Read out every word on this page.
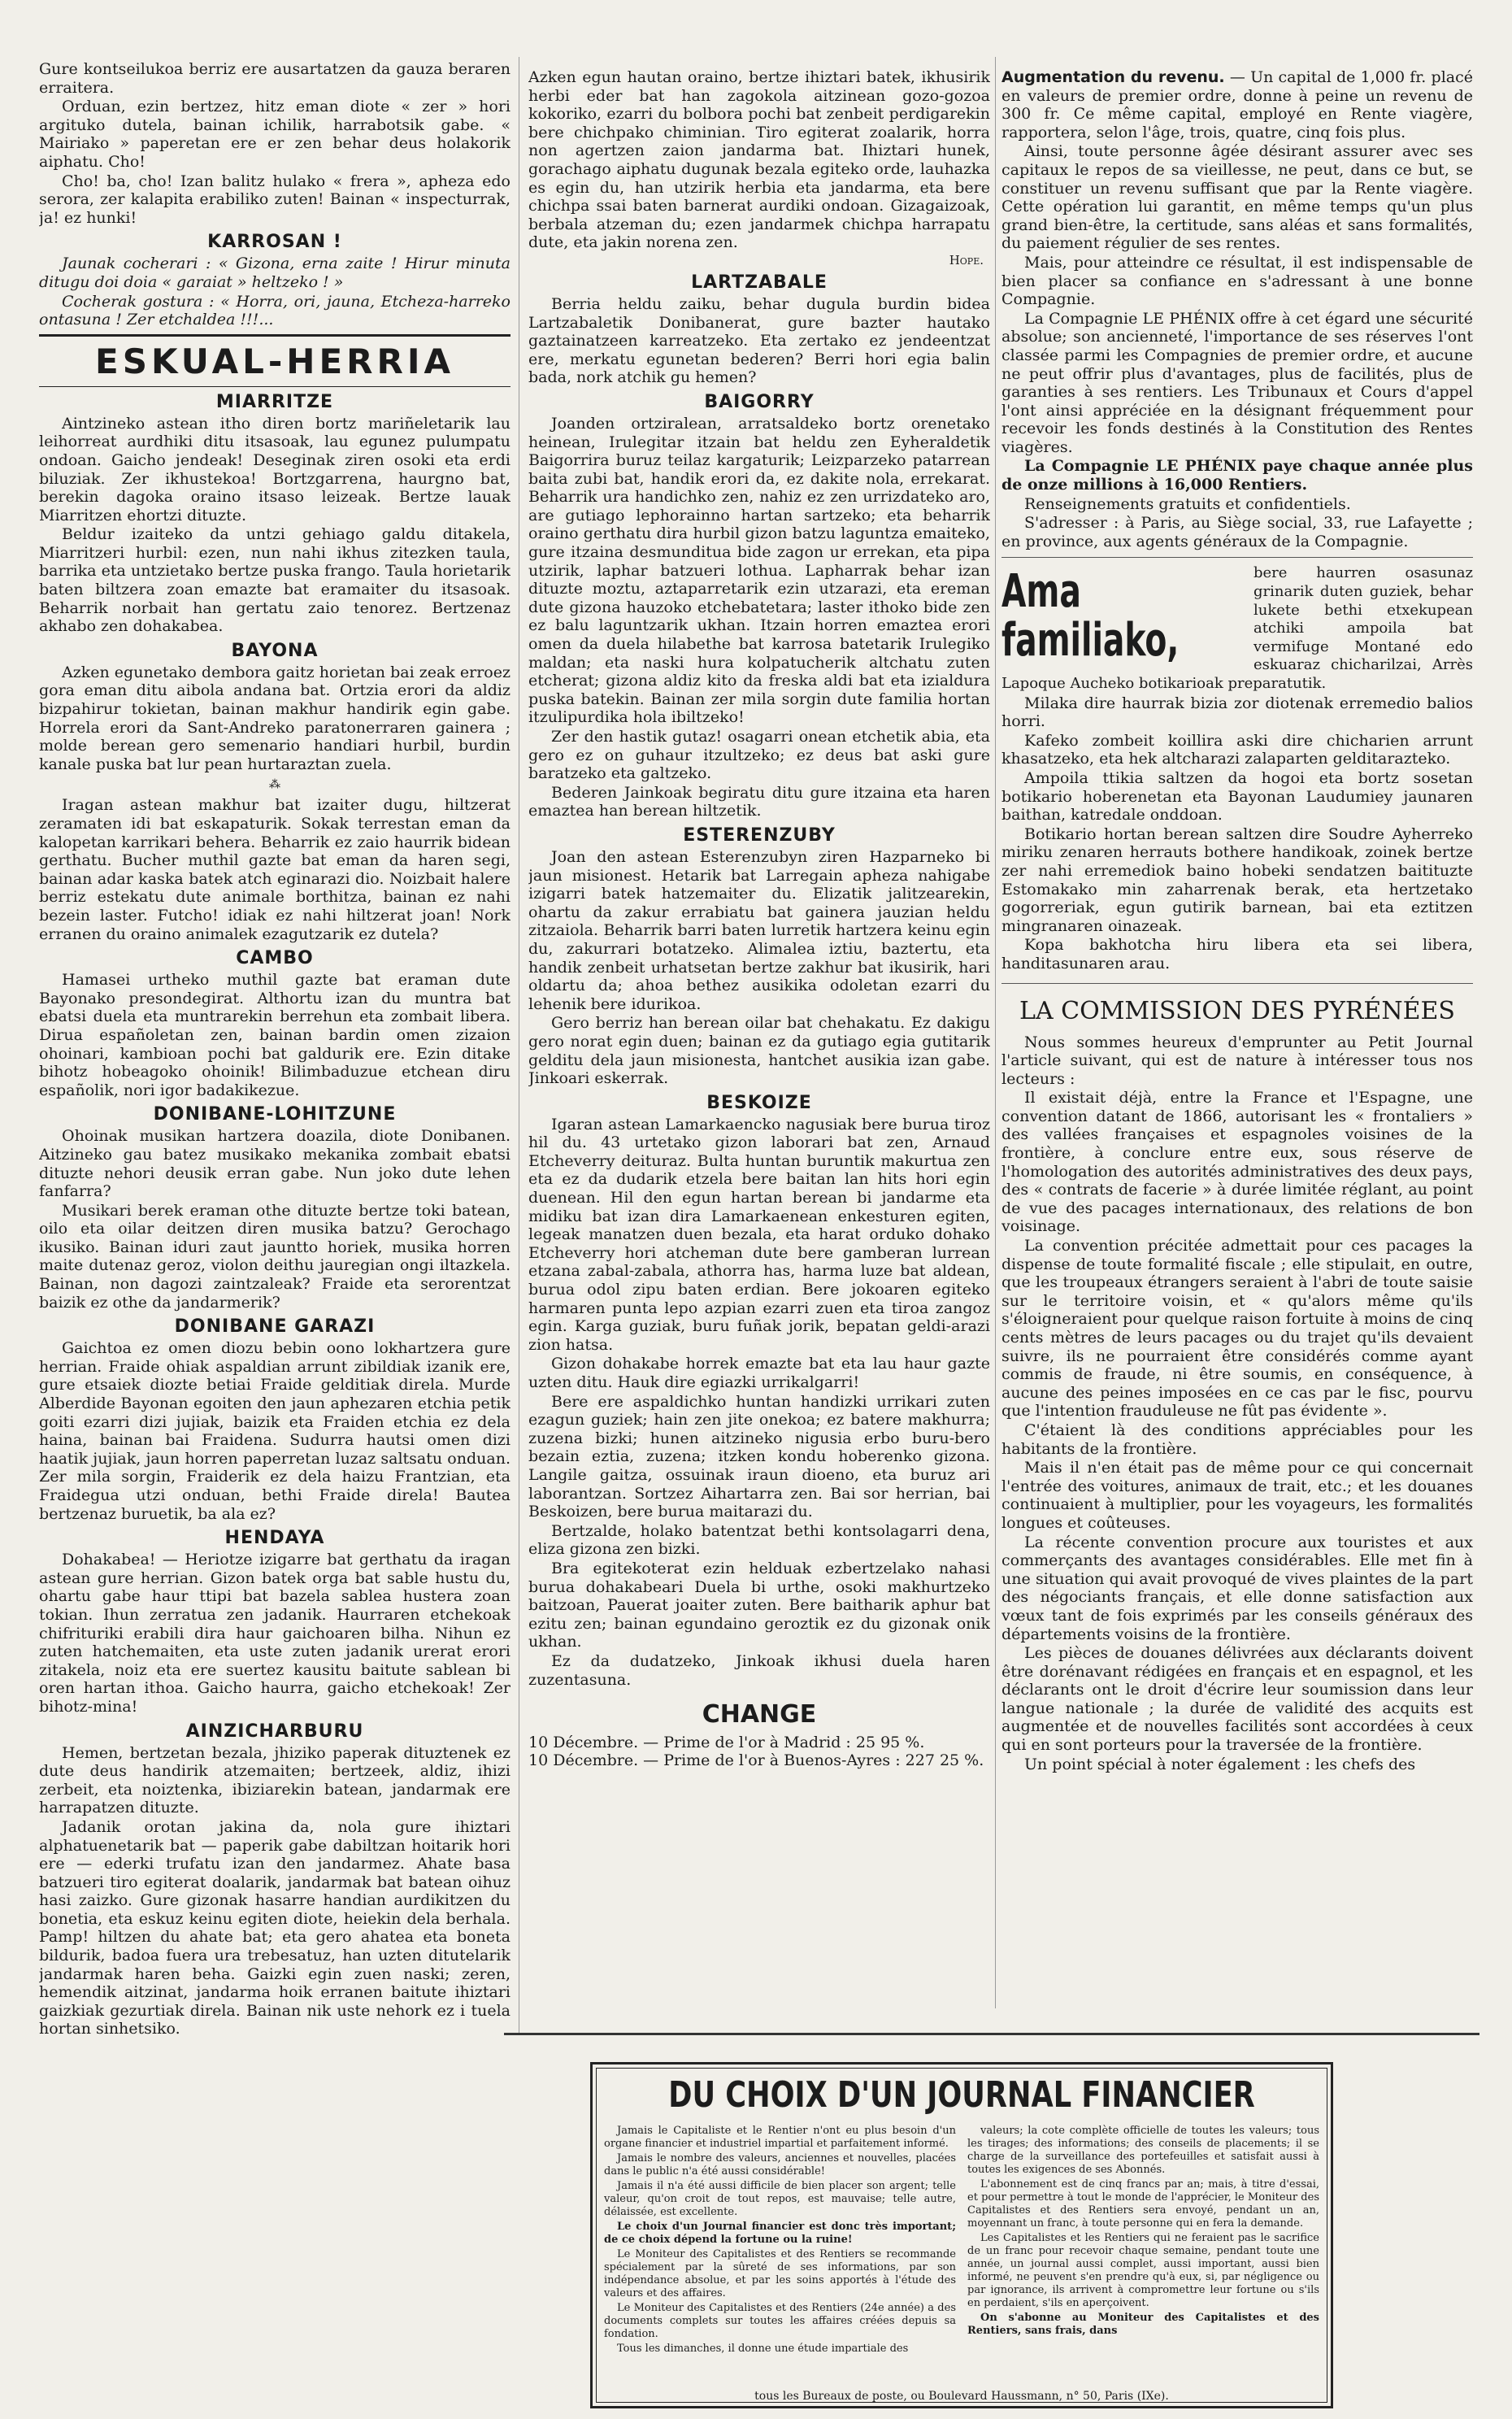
Gure kontseilukoa berriz ere ausartatzen da gauza beraren erraitera.

Orduan, ezin bertzez, hitz eman diote « zer » hori argituko dutela, bainan ichilik, harrabotsik gabe. « Mairiako » paperetan ere er zen behar deus holakorik aiphatu. Cho!

Cho! ba, cho! Izan balitz hulako « frera », apheza edo serora, zer kalapita erabiliko zuten! Bainan « inspecturrak, ja! ez hunki!

KARROSAN !

Jaunak cocherari : « Gizona, erna zaite ! Hirur minuta ditugu doi doia « garaiat » heltzeko ! »

Cocherak gostura : « Horra, ori, jauna, Etcheza-harreko ontasuna ! Zer etchaldea !!!...

ESKUAL-HERRIA
MIARRITZE

Aintzineko astean itho diren bortz mariñeletarik lau leihorreat aurdhiki ditu itsasoak, lau egunez pulumpatu ondoan. Gaicho jendeak! Deseginak ziren osoki eta erdi biluziak. Zer ikhustekoa! Bortzgarrena, haurgno bat, berekin dagoka oraino itsaso leizeak. Bertze lauak Miarritzen ehortzi dituzte.

Beldur izaiteko da untzi gehiago galdu ditakela, Miarritzeri hurbil: ezen, nun nahi ikhus zitezken taula, barrika eta untzietako bertze puska frango. Taula horietarik baten biltzera zoan emazte bat eramaiter du itsasoak. Beharrik norbait han gertatu zaio tenorez. Bertzenaz akhabo zen dohakabea.

BAYONA

Azken egunetako dembora gaitz horietan bai zeak erroez gora eman ditu aibola andana bat. Ortzia erori da aldiz bizpahirur tokietan, bainan makhur handirik egin gabe. Horrela erori da Sant-Andreko paratonerraren gainera ; molde berean gero semenario handiari hurbil, burdin kanale puska bat lur pean hurtaraztan zuela.

⁂

Iragan astean makhur bat izaiter dugu, hiltzerat zeramaten idi bat eskapaturik. Sokak terrestan eman da kalopetan karrikari behera. Beharrik ez zaio haurrik bidean gerthatu. Bucher muthil gazte bat eman da haren segi, bainan adar kaska batek atch eginarazi dio. Noizbait halere berriz estekatu dute animale borthitza, bainan ez nahi bezein laster. Futcho! idiak ez nahi hiltzerat joan! Nork erranen du oraino animalek ezagutzarik ez dutela?

CAMBO

Hamasei urtheko muthil gazte bat eraman dute Bayonako presondegirat. Althortu izan du muntra bat ebatsi duela eta muntrarekin berrehun eta zombait libera. Dirua españoletan zen, bainan bardin omen zizaion ohoinari, kambioan pochi bat galdurik ere. Ezin ditake bihotz hobeagoko ohoinik! Bilimbaduzue etchean diru españolik, nori igor badakikezue.

DONIBANE-LOHITZUNE

Ohoinak musikan hartzera doazila, diote Donibanen. Aitzineko gau batez musikako mekanika zombait ebatsi dituzte nehori deusik erran gabe. Nun joko dute lehen fanfarra?

Musikari berek eraman othe dituzte bertze toki batean, oilo eta oilar deitzen diren musika batzu? Gerochago ikusiko. Bainan iduri zaut jauntto horiek, musika horren maite dutenaz geroz, violon deithu jauregian ongi iltazkela. Bainan, non dagozi zaintzaleak? Fraide eta serorentzat baizik ez othe da jandarmerik?

DONIBANE GARAZI

Gaichtoa ez omen diozu bebin oono lokhartzera gure herrian. Fraide ohiak aspaldian arrunt zibildiak izanik ere, gure etsaiek diozte betiai Fraide gelditiak direla. Murde Alberdide Bayonan egoiten den jaun aphezaren etchia petik goiti ezarri dizi jujiak, baizik eta Fraiden etchia ez dela haina, bainan bai Fraidena. Sudurra hautsi omen dizi haatik jujiak, jaun horren paperretan luzaz saltsatu onduan. Zer mila sorgin, Fraiderik ez dela haizu Frantzian, eta Fraidegua utzi onduan, bethi Fraide direla! Bautea bertzenaz buruetik, ba ala ez?

HENDAYA

Dohakabea! — Heriotze izigarre bat gerthatu da iragan astean gure herrian. Gizon batek orga bat sable hustu du, ohartu gabe haur ttipi bat bazela sablea hustera zoan tokian. Ihun zerratua zen jadanik. Haurraren etchekoak chifrituriki erabili dira haur gaichoaren bilha. Nihun ez zuten hatchemaiten, eta uste zuten jadanik urerat erori zitakela, noiz eta ere suertez kausitu baitute sablean bi oren hartan ithoa. Gaicho haurra, gaicho etchekoak! Zer bihotz-mina!

AINZICHARBURU

Hemen, bertzetan bezala, jhiziko paperak dituztenek ez dute deus handirik atzemaiten; bertzeek, aldiz, ihizi zerbeit, eta noiztenka, ibiziarekin batean, jandarmak ere harrapatzen dituzte.

Jadanik orotan jakina da, nola gure ihiztari alphatuenetarik bat — paperik gabe dabiltzan hoitarik hori ere — ederki trufatu izan den jandarmez. Ahate basa batzueri tiro egiterat doalarik, jandarmak bat batean oihuz hasi zaizko. Gure gizonak hasarre handian aurdikitzen du bonetia, eta eskuz keinu egiten diote, heiekin dela berhala. Pamp! hiltzen du ahate bat; eta gero ahatea eta boneta bildurik, badoa fuera ura trebesatuz, han uzten ditutelarik jandarmak haren beha. Gaizki egin zuen naski; zeren, hemendik aitzinat, jandarma hoik erranen baitute ihiztari gaizkiak gezurtiak direla. Bainan nik uste nehork ez i tuela hortan sinhetsiko.

Azken egun hautan oraino, bertze ihiztari batek, ikhusirik herbi eder bat han zagokola aitzinean gozo-gozoa kokoriko, ezarri du bolbora pochi bat zenbeit perdigarekin bere chichpako chiminian. Tiro egiterat zoalarik, horra non agertzen zaion jandarma bat. Ihiztari hunek, gorachago aiphatu dugunak bezala egiteko orde, lauhazka es egin du, han utzirik herbia eta jandarma, eta bere chichpa ssai baten barnerat aurdiki ondoan. Gizagaizoak, berbala atzeman du; ezen jandarmek chichpa harrapatu dute, eta jakin norena zen.

Hope.
LARTZABALE

Berria heldu zaiku, behar dugula burdin bidea Lartzabaletik Donibanerat, gure bazter hautako gaztainatzeen karreatzeko. Eta zertako ez jendeentzat ere, merkatu egunetan bederen? Berri hori egia balin bada, nork atchik gu hemen?

BAIGORRY

Joanden ortziralean, arratsaldeko bortz orenetako heinean, Irulegitar itzain bat heldu zen Eyheraldetik Baigorrira buruz teilaz kargaturik; Leizparzeko patarrean baita zubi bat, handik erori da, ez dakite nola, errekarat. Beharrik ura handichko zen, nahiz ez zen urrizdateko aro, are gutiago lephorainno hartan sartzeko; eta beharrik oraino gerthatu dira hurbil gizon batzu laguntza emaiteko, gure itzaina desmunditua bide zagon ur errekan, eta pipa utzirik, laphar batzueri lothua. Lapharrak behar izan dituzte moztu, aztaparretarik ezin utzarazi, eta ereman dute gizona hauzoko etchebatetara; laster ithoko bide zen ez balu laguntzarik ukhan. Itzain horren emaztea erori omen da duela hilabethe bat karrosa batetarik Irulegiko maldan; eta naski hura kolpatucherik altchatu zuten etcherat; gizona aldiz kito da freska aldi bat eta izialdura puska batekin. Bainan zer mila sorgin dute familia hortan itzulipurdika hola ibiltzeko!

Zer den hastik gutaz! osagarri onean etchetik abia, eta gero ez on guhaur itzultzeko; ez deus bat aski gure baratzeko eta galtzeko.

Bederen Jainkoak begiratu ditu gure itzaina eta haren emaztea han berean hiltzetik.

ESTERENZUBY

Joan den astean Esterenzubyn ziren Hazparneko bi jaun misionest. Hetarik bat Larregain apheza nahigabe izigarri batek hatzemaiter du. Elizatik jalitzearekin, ohartu da zakur errabiatu bat gainera jauzian heldu zitzaiola. Beharrik barri baten lurretik hartzera keinu egin du, zakurrari botatzeko. Alimalea iztiu, baztertu, eta handik zenbeit urhatsetan bertze zakhur bat ikusirik, hari oldartu da; ahoa bethez ausikika odoletan ezarri du lehenik bere idurikoa.

Gero berriz han berean oilar bat chehakatu. Ez dakigu gero norat egin duen; bainan ez da gutiago egia gutitarik gelditu dela jaun misionesta, hantchet ausikia izan gabe. Jinkoari eskerrak.

BESKOIZE

Igaran astean Lamarkaencko nagusiak bere burua tiroz hil du. 43 urtetako gizon laborari bat zen, Arnaud Etcheverry deituraz. Bulta huntan buruntik makurtua zen eta ez da dudarik etzela bere baitan lan hits hori egin duenean. Hil den egun hartan berean bi jandarme eta midiku bat izan dira Lamarkaenean enkesturen egiten, legeak manatzen duen bezala, eta harat orduko dohako Etcheverry hori atcheman dute bere gamberan lurrean etzana zabal-zabala, athorra has, harma luze bat aldean, burua odol zipu baten erdian. Bere jokoaren egiteko harmaren punta lepo azpian ezarri zuen eta tiroa zangoz egin. Karga guziak, buru fuñak jorik, bepatan geldi-arazi zion hatsa.

Gizon dohakabe horrek emazte bat eta lau haur gazte uzten ditu. Hauk dire egiazki urrikalgarri!

Bere ere aspaldichko huntan handizki urrikari zuten ezagun guziek; hain zen jite onekoa; ez batere makhurra; zuzena bizki; hunen aitzineko nigusia erbo buru-bero bezain eztia, zuzena; itzken kondu hoberenko gizona. Langile gaitza, ossuinak iraun dioeno, eta buruz ari laborantzan. Sortzez Aihartarra zen. Bai sor herrian, bai Beskoizen, bere burua maitarazi du.

Bertzalde, holako batentzat bethi kontsolagarri dena, eliza gizona zen bizki.

Bra egitekoterat ezin helduak ezbertzelako nahasi burua dohakabeari Duela bi urthe, osoki makhurtzeko baitzoan, Pauerat joaiter zuten. Bere baitharik aphur bat ezitu zen; bainan egundaino geroztik ez du gizonak onik ukhan.

Ez da dudatzeko, Jinkoak ikhusi duela haren zuzentasuna.

CHANGE
10 Décembre. — Prime de l'or à Madrid : 25 95 %.
10 Décembre. — Prime de l'or à Buenos-Ayres : 227 25 %.

Augmentation du revenu. — Un capital de 1,000 fr. placé en valeurs de premier ordre, donne à peine un revenu de 300 fr. Ce même capital, employé en Rente viagère, rapportera, selon l'âge, trois, quatre, cinq fois plus.

Ainsi, toute personne âgée désirant assurer avec ses capitaux le repos de sa vieillesse, ne peut, dans ce but, se constituer un revenu suffisant que par la Rente viagère. Cette opération lui garantit, en même temps qu'un plus grand bien-être, la certitude, sans aléas et sans formalités, du paiement régulier de ses rentes.

Mais, pour atteindre ce résultat, il est indispensable de bien placer sa confiance en s'adressant à une bonne Compagnie.

La Compagnie LE PHÉNIX offre à cet égard une sécurité absolue; son ancienneté, l'importance de ses réserves l'ont classée parmi les Compagnies de premier ordre, et aucune ne peut offrir plus d'avantages, plus de facilités, plus de garanties à ses rentiers. Les Tribunaux et Cours d'appel l'ont ainsi appréciée en la désignant fréquemment pour recevoir les fonds destinés à la Constitution des Rentes viagères.

La Compagnie LE PHÉNIX paye chaque année plus de onze millions à 16,000 Rentiers.

Renseignements gratuits et confidentiels.

S'adresser : à Paris, au Siège social, 33, rue Lafayette ; en province, aux agents généraux de la Compagnie.

Ama familiako,

bere haurren osasunaz grinarik duten guziek, behar lukete bethi etxekupean atchiki ampoila bat vermifuge Montané edo eskuaraz chicharilzai, Arrès Lapoque Aucheko botikarioak preparatutik.

Milaka dire haurrak bizia zor diotenak erremedio balios horri.

Kafeko zombeit koillira aski dire chicharien arrunt khasatzeko, eta hek altcharazi zalaparten gelditarazteko.

Ampoila ttikia saltzen da hogoi eta bortz sosetan botikario hoberenetan eta Bayonan Laudumiey jaunaren baithan, katredale onddoan.

Botikario hortan berean saltzen dire Soudre Ayherreko miriku zenaren herrauts bothere handikoak, zoinek bertze zer nahi erremediok baino hobeki sendatzen baitituzte Estomakako min zaharrenak berak, eta hertzetako gogorreriak, egun gutirik barnean, bai eta eztitzen mingranaren oinazeak.

Kopa bakhotcha hiru libera eta sei libera, handitasunaren arau.

LA COMMISSION DES PYRÉNÉES

Nous sommes heureux d'emprunter au Petit Journal l'article suivant, qui est de nature à intéresser tous nos lecteurs :

Il existait déjà, entre la France et l'Espagne, une convention datant de 1866, autorisant les « frontaliers » des vallées françaises et espagnoles voisines de la frontière, à conclure entre eux, sous réserve de l'homologation des autorités administratives des deux pays, des « contrats de facerie » à durée limitée réglant, au point de vue des pacages internationaux, des relations de bon voisinage.

La convention précitée admettait pour ces pacages la dispense de toute formalité fiscale ; elle stipulait, en outre, que les troupeaux étrangers seraient à l'abri de toute saisie sur le territoire voisin, et « qu'alors même qu'ils s'éloigneraient pour quelque raison fortuite à moins de cinq cents mètres de leurs pacages ou du trajet qu'ils devaient suivre, ils ne pourraient être considérés comme ayant commis de fraude, ni être soumis, en conséquence, à aucune des peines imposées en ce cas par le fisc, pourvu que l'intention frauduleuse ne fût pas évidente ».

C'étaient là des conditions appréciables pour les habitants de la frontière.

Mais il n'en était pas de même pour ce qui concernait l'entrée des voitures, animaux de trait, etc.; et les douanes continuaient à multiplier, pour les voyageurs, les formalités longues et coûteuses.

La récente convention procure aux touristes et aux commerçants des avantages considérables. Elle met fin à une situation qui avait provoqué de vives plaintes de la part des négociants français, et elle donne satisfaction aux vœux tant de fois exprimés par les conseils généraux des départements voisins de la frontière.

Les pièces de douanes délivrées aux déclarants doivent être dorénavant rédigées en français et en espagnol, et les déclarants ont le droit d'écrire leur soumission dans leur langue nationale ; la durée de validité des acquits est augmentée et de nouvelles facilités sont accordées à ceux qui en sont porteurs pour la traversée de la frontière.

Un point spécial à noter également : les chefs des

DU CHOIX D'UN JOURNAL FINANCIER

Jamais le Capitaliste et le Rentier n'ont eu plus besoin d'un organe financier et industriel impartial et parfaitement informé.

Jamais le nombre des valeurs, anciennes et nouvelles, placées dans le public n'a été aussi considérable!

Jamais il n'a été aussi difficile de bien placer son argent; telle valeur, qu'on croit de tout repos, est mauvaise; telle autre, délaissée, est excellente.

Le choix d'un Journal financier est donc très important; de ce choix dépend la fortune ou la ruine!

Le Moniteur des Capitalistes et des Rentiers se recommande spécialement par la sûreté de ses informations, par son indépendance absolue, et par les soins apportés à l'étude des valeurs et des affaires.

Le Moniteur des Capitalistes et des Rentiers (24e année) a des documents complets sur toutes les affaires créées depuis sa fondation.

Tous les dimanches, il donne une étude impartiale des

valeurs; la cote complète officielle de toutes les valeurs; tous les tirages; des informations; des conseils de placements; il se charge de la surveillance des portefeuilles et satisfait aussi à toutes les exigences de ses Abonnés.

L'abonnement est de cinq francs par an; mais, à titre d'essai, et pour permettre à tout le monde de l'apprécier, le Moniteur des Capitalistes et des Rentiers sera envoyé, pendant un an, moyennant un franc, à toute personne qui en fera la demande.

Les Capitalistes et les Rentiers qui ne feraient pas le sacrifice de un franc pour recevoir chaque semaine, pendant toute une année, un journal aussi complet, aussi important, aussi bien informé, ne peuvent s'en prendre qu'à eux, si, par négligence ou par ignorance, ils arrivent à compromettre leur fortune ou s'ils en perdaient, s'ils en aperçoivent.

On s'abonne au Moniteur des Capitalistes et des Rentiers, sans frais, dans

tous les Bureaux de poste, ou Boulevard Haussmann, n° 50, Paris (IXe).
